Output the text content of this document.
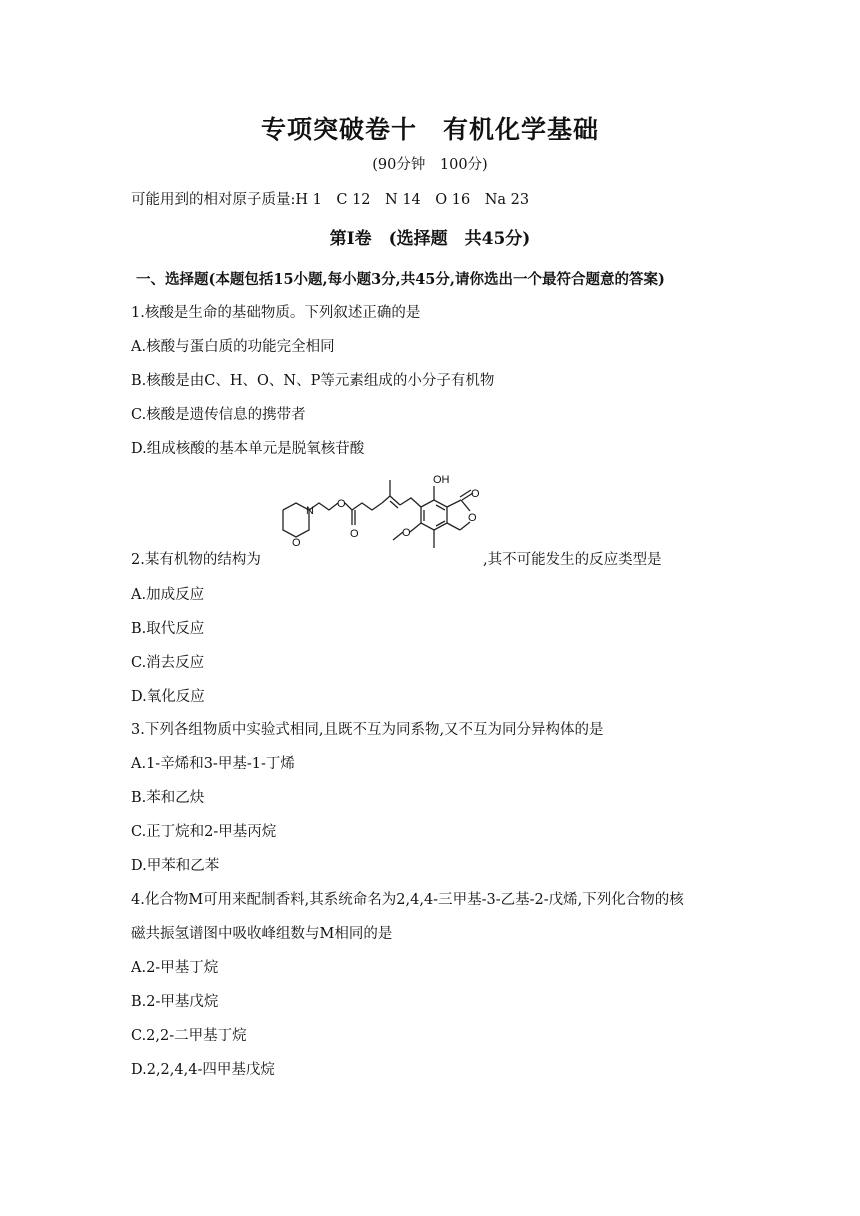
专项突破卷十　有机化学基础
(90分钟　100分)
可能用到的相对原子质量:H 1　C 12　N 14　O 16　Na 23
第Ⅰ卷　(选择题　共45分)
一、选择题(本题包括15小题,每小题3分,共45分,请你选出一个最符合题意的答案)
1.核酸是生命的基础物质。下列叙述正确的是
A.核酸与蛋白质的功能完全相同
B.核酸是由C、H、O、N、P等元素组成的小分子有机物
C.核酸是遗传信息的携带者
D.组成核酸的基本单元是脱氧核苷酸
2.某有机物的结构为
OH
O
O
N
O
O
O	O
,其不可能发生的反应类型是
A.加成反应
B.取代反应
C.消去反应
D.氧化反应
3.下列各组物质中实验式相同,且既不互为同系物,又不互为同分异构体的是
A.1-辛烯和3-甲基-1-丁烯
B.苯和乙炔
C.正丁烷和2-甲基丙烷
D.甲苯和乙苯
4.化合物M可用来配制香料,其系统命名为2,4,4-三甲基-3-乙基-2-戊烯,下列化合物的核
磁共振氢谱图中吸收峰组数与M相同的是
A.2-甲基丁烷
B.2-甲基戊烷
C.2,2-二甲基丁烷
D.2,2,4,4-四甲基戊烷
